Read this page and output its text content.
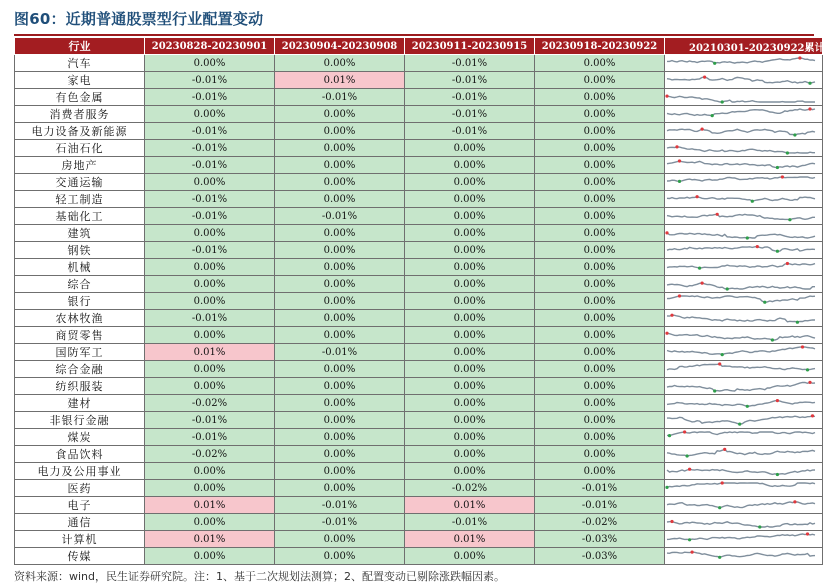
图60：近期普通股票型行业配置变动
行业	20230828-20230901	20230904-20230908	20230911-20230915	20230918-20230922	20210301-20230922累计变
汽车	0.00%	0.00%	-0.01%	0.00%	

家电	-0.01%	0.01%	-0.01%	0.00%	

有色金属	-0.01%	-0.01%	-0.01%	0.00%	

消费者服务	0.00%	0.00%	-0.01%	0.00%	

电力设备及新能源	-0.01%	0.00%	-0.01%	0.00%	

石油石化	-0.01%	0.00%	0.00%	0.00%	

房地产	-0.01%	0.00%	0.00%	0.00%	

交通运输	0.00%	0.00%	0.00%	0.00%	

轻工制造	-0.01%	0.00%	0.00%	0.00%	

基础化工	-0.01%	-0.01%	0.00%	0.00%	

建筑	0.00%	0.00%	0.00%	0.00%	

钢铁	-0.01%	0.00%	0.00%	0.00%	

机械	0.00%	0.00%	0.00%	0.00%	

综合	0.00%	0.00%	0.00%	0.00%	

银行	0.00%	0.00%	0.00%	0.00%	

农林牧渔	-0.01%	0.00%	0.00%	0.00%	

商贸零售	0.00%	0.00%	0.00%	0.00%	

国防军工	0.01%	-0.01%	0.00%	0.00%	

综合金融	0.00%	0.00%	0.00%	0.00%	

纺织服装	0.00%	0.00%	0.00%	0.00%	

建材	-0.02%	0.00%	0.00%	0.00%	

非银行金融	-0.01%	0.00%	0.00%	0.00%	

煤炭	-0.01%	0.00%	0.00%	0.00%	

食品饮料	-0.02%	0.00%	0.00%	0.00%	

电力及公用事业	0.00%	0.00%	0.00%	0.00%	

医药	0.00%	0.00%	-0.02%	-0.01%	

电子	0.01%	-0.01%	0.01%	-0.01%	

通信	0.00%	-0.01%	-0.01%	-0.02%	

计算机	0.01%	0.00%	0.01%	-0.03%	

传媒	0.00%	0.00%	0.00%	-0.03%	
资料来源：wind，民生证券研究院。注：1、基于二次规划法测算；2、配置变动已剔除涨跌幅因素。
